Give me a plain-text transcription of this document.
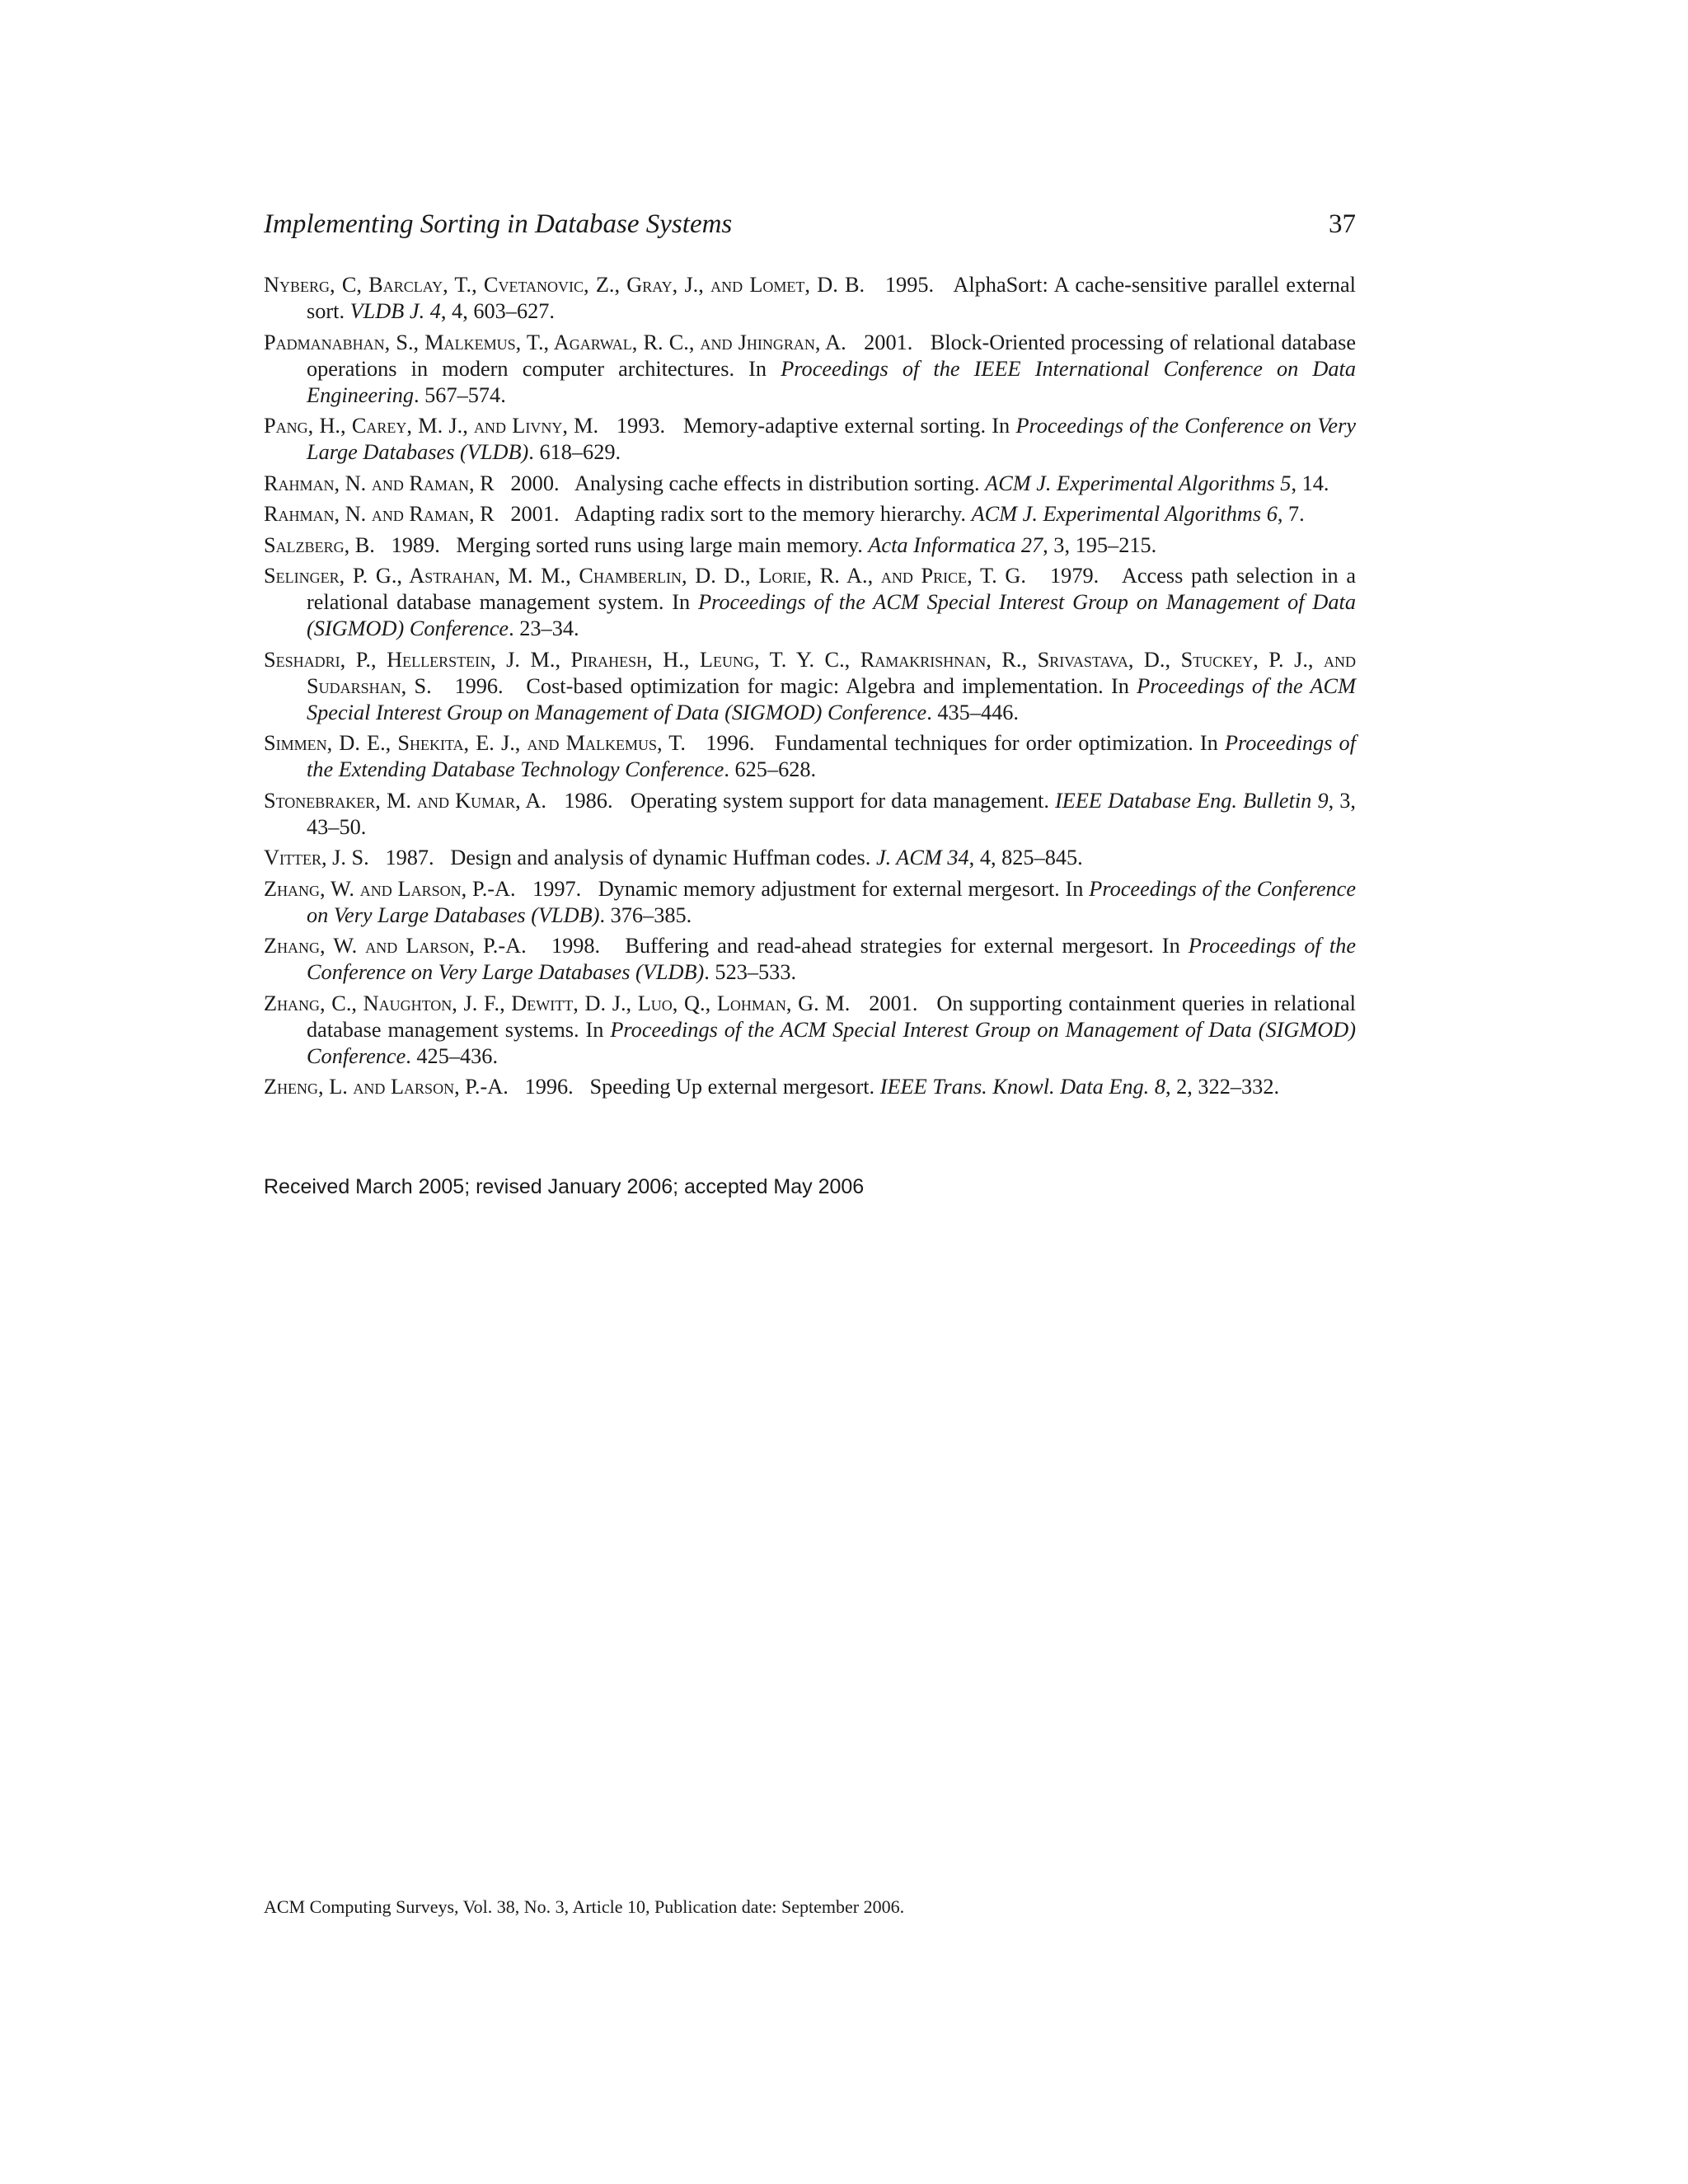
Implementing Sorting in Database Systems	37
Nyberg, C, Barclay, T., Cvetanovic, Z., Gray, J., and Lomet, D. B. 1995. AlphaSort: A cache-sensitive parallel external sort. VLDB J. 4, 4, 603–627.
Padmanabhan, S., Malkemus, T., Agarwal, R. C., and Jhingran, A. 2001. Block-Oriented processing of relational database operations in modern computer architectures. In Proceedings of the IEEE International Conference on Data Engineering. 567–574.
Pang, H., Carey, M. J., and Livny, M. 1993. Memory-adaptive external sorting. In Proceedings of the Conference on Very Large Databases (VLDB). 618–629.
Rahman, N. and Raman, R 2000. Analysing cache effects in distribution sorting. ACM J. Experimental Algorithms 5, 14.
Rahman, N. and Raman, R 2001. Adapting radix sort to the memory hierarchy. ACM J. Experimental Algorithms 6, 7.
Salzberg, B. 1989. Merging sorted runs using large main memory. Acta Informatica 27, 3, 195–215.
Selinger, P. G., Astrahan, M. M., Chamberlin, D. D., Lorie, R. A., and Price, T. G. 1979. Access path selection in a relational database management system. In Proceedings of the ACM Special Interest Group on Management of Data (SIGMOD) Conference. 23–34.
Seshadri, P., Hellerstein, J. M., Pirahesh, H., Leung, T. Y. C., Ramakrishnan, R., Srivastava, D., Stuckey, P. J., and Sudarshan, S. 1996. Cost-based optimization for magic: Algebra and implementation. In Proceedings of the ACM Special Interest Group on Management of Data (SIGMOD) Conference. 435–446.
Simmen, D. E., Shekita, E. J., and Malkemus, T. 1996. Fundamental techniques for order optimization. In Proceedings of the Extending Database Technology Conference. 625–628.
Stonebraker, M. and Kumar, A. 1986. Operating system support for data management. IEEE Database Eng. Bulletin 9, 3, 43–50.
Vitter, J. S. 1987. Design and analysis of dynamic Huffman codes. J. ACM 34, 4, 825–845.
Zhang, W. and Larson, P.-A. 1997. Dynamic memory adjustment for external mergesort. In Proceedings of the Conference on Very Large Databases (VLDB). 376–385.
Zhang, W. and Larson, P.-A. 1998. Buffering and read-ahead strategies for external mergesort. In Proceedings of the Conference on Very Large Databases (VLDB). 523–533.
Zhang, C., Naughton, J. F., Dewitt, D. J., Luo, Q., Lohman, G. M. 2001. On supporting containment queries in relational database management systems. In Proceedings of the ACM Special Interest Group on Management of Data (SIGMOD) Conference. 425–436.
Zheng, L. and Larson, P.-A. 1996. Speeding Up external mergesort. IEEE Trans. Knowl. Data Eng. 8, 2, 322–332.
Received March 2005; revised January 2006; accepted May 2006
ACM Computing Surveys, Vol. 38, No. 3, Article 10, Publication date: September 2006.
